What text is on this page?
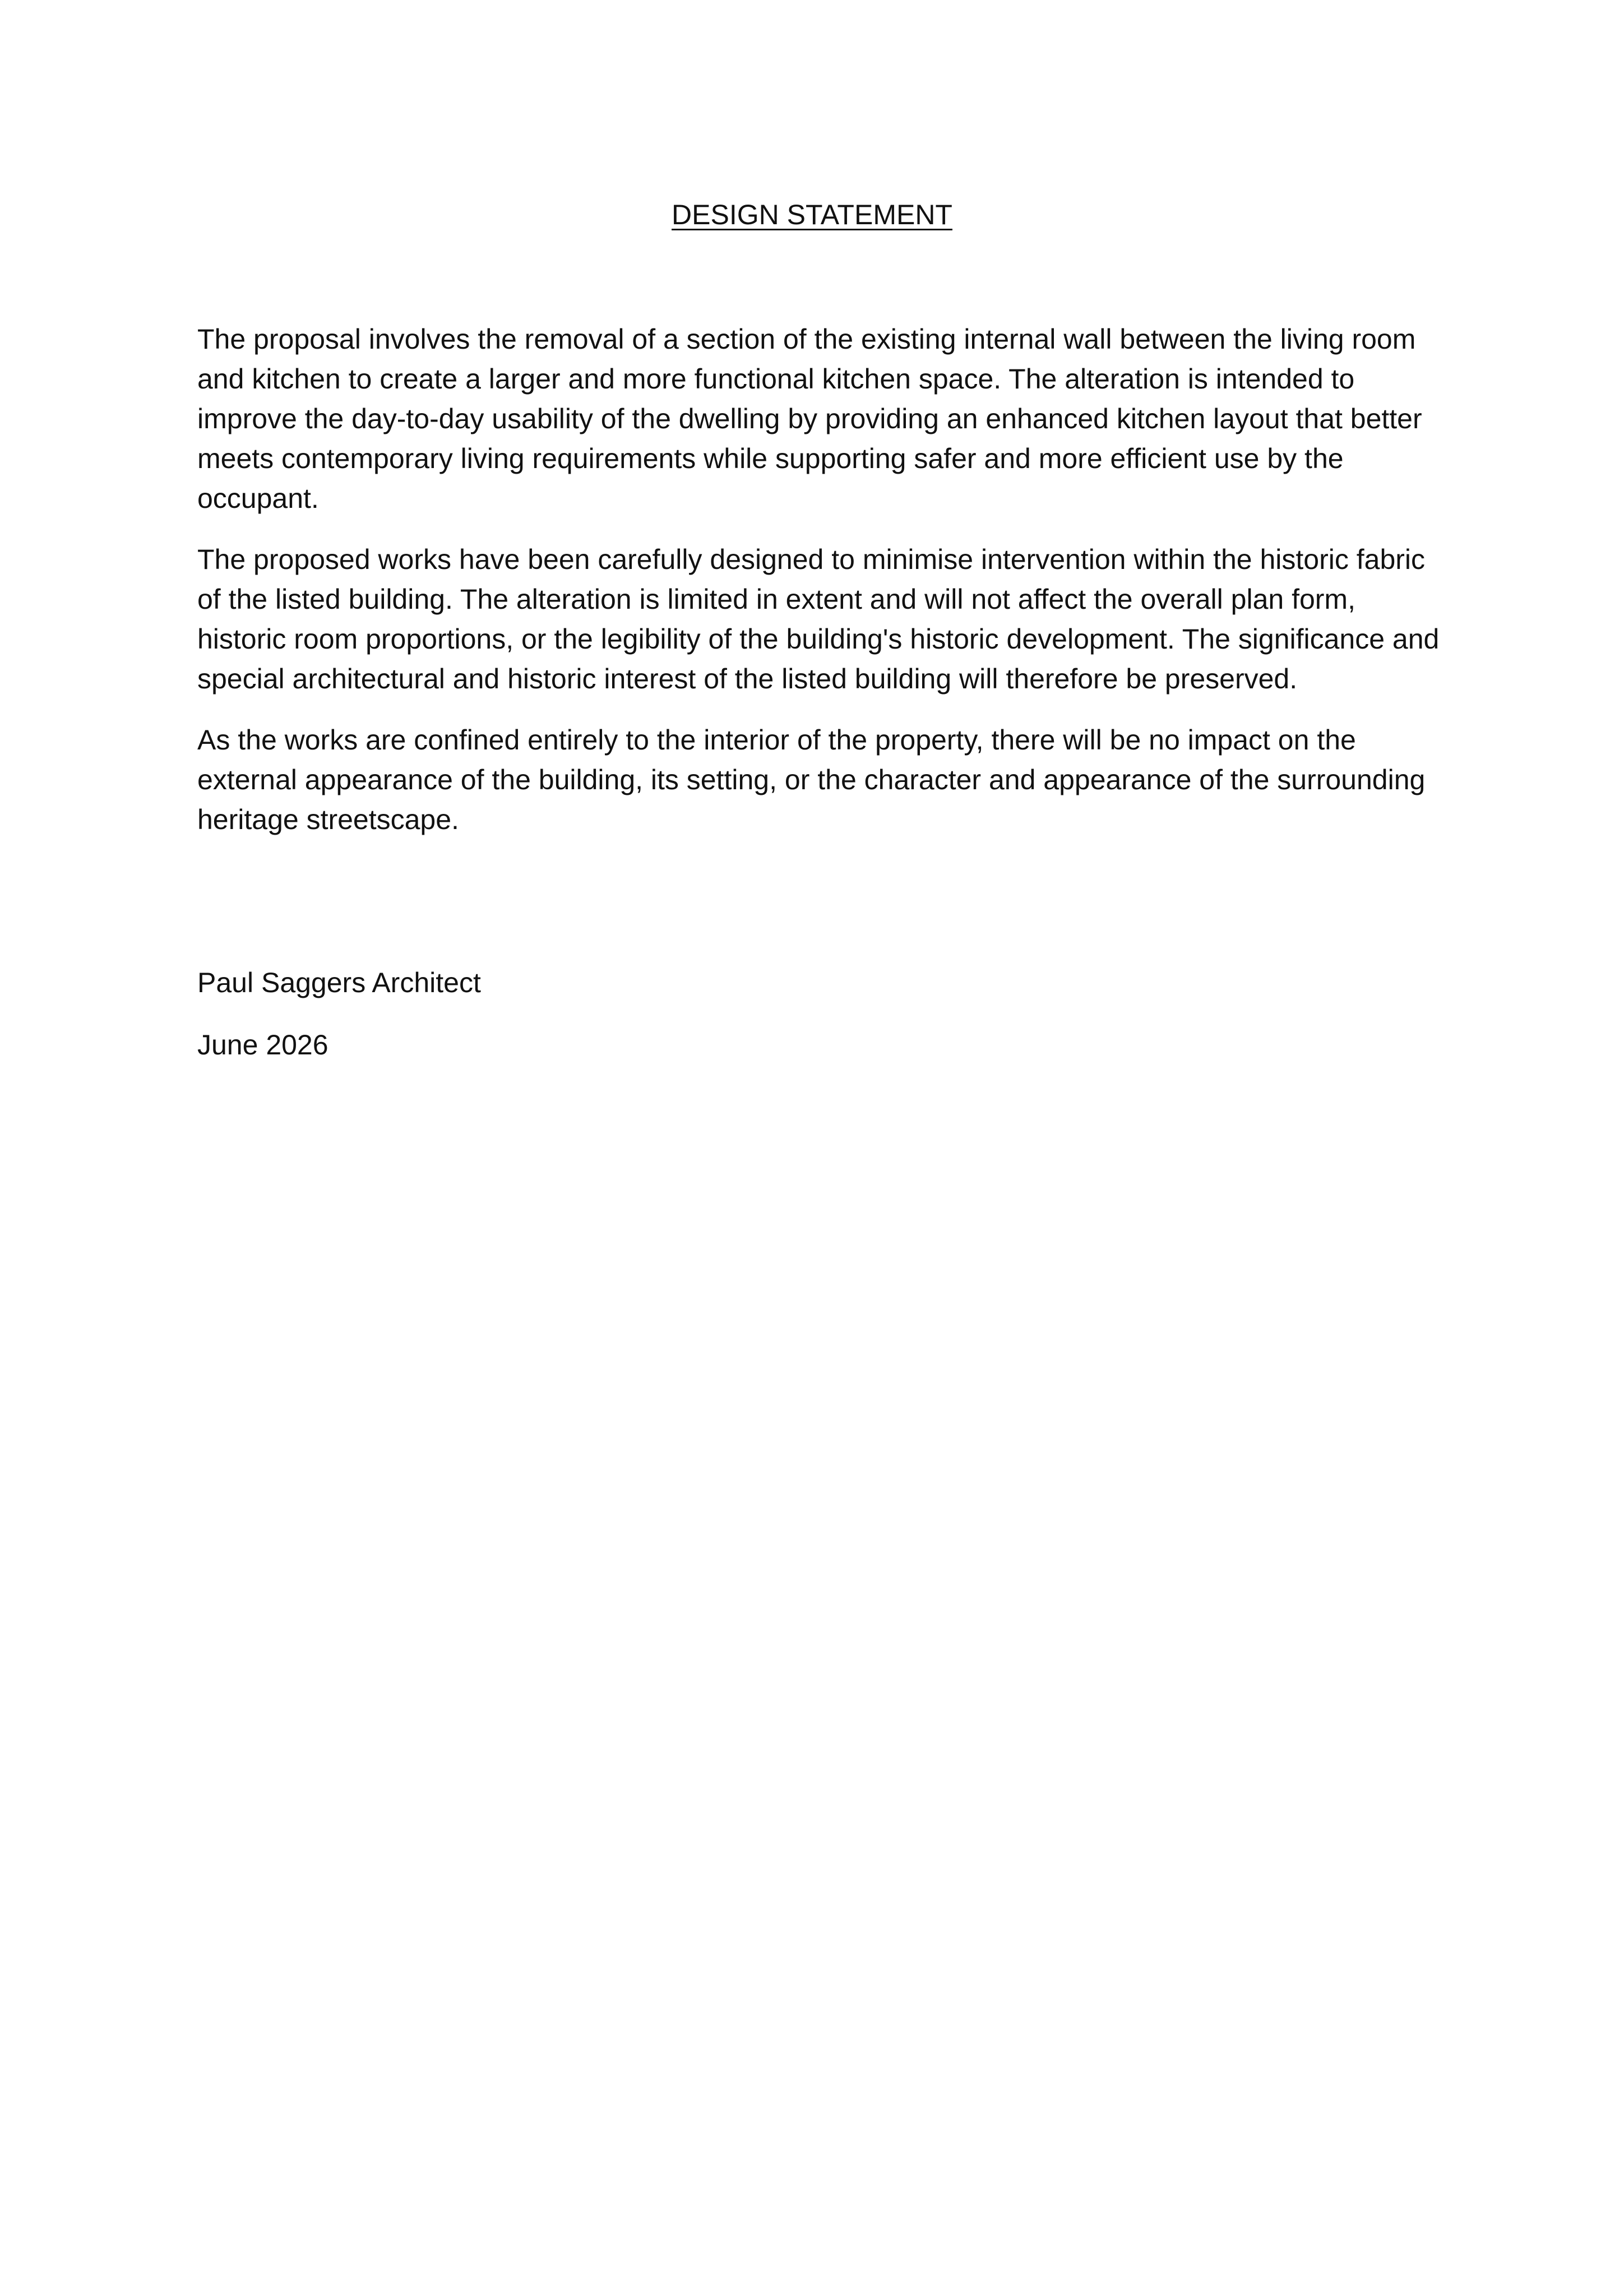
DESIGN STATEMENT

The proposal involves the removal of a section of the existing internal wall between the living room and kitchen to create a larger and more functional kitchen space. The alteration is intended to improve the day-to-day usability of the dwelling by providing an enhanced kitchen layout that better meets contemporary living requirements while supporting safer and more efficient use by the occupant.

The proposed works have been carefully designed to minimise intervention within the historic fabric of the listed building. The alteration is limited in extent and will not affect the overall plan form, historic room proportions, or the legibility of the building's historic development. The significance and special architectural and historic interest of the listed building will therefore be preserved.

As the works are confined entirely to the interior of the property, there will be no impact on the external appearance of the building, its setting, or the character and appearance of the surrounding heritage streetscape.

Paul Saggers Architect

June 2026
